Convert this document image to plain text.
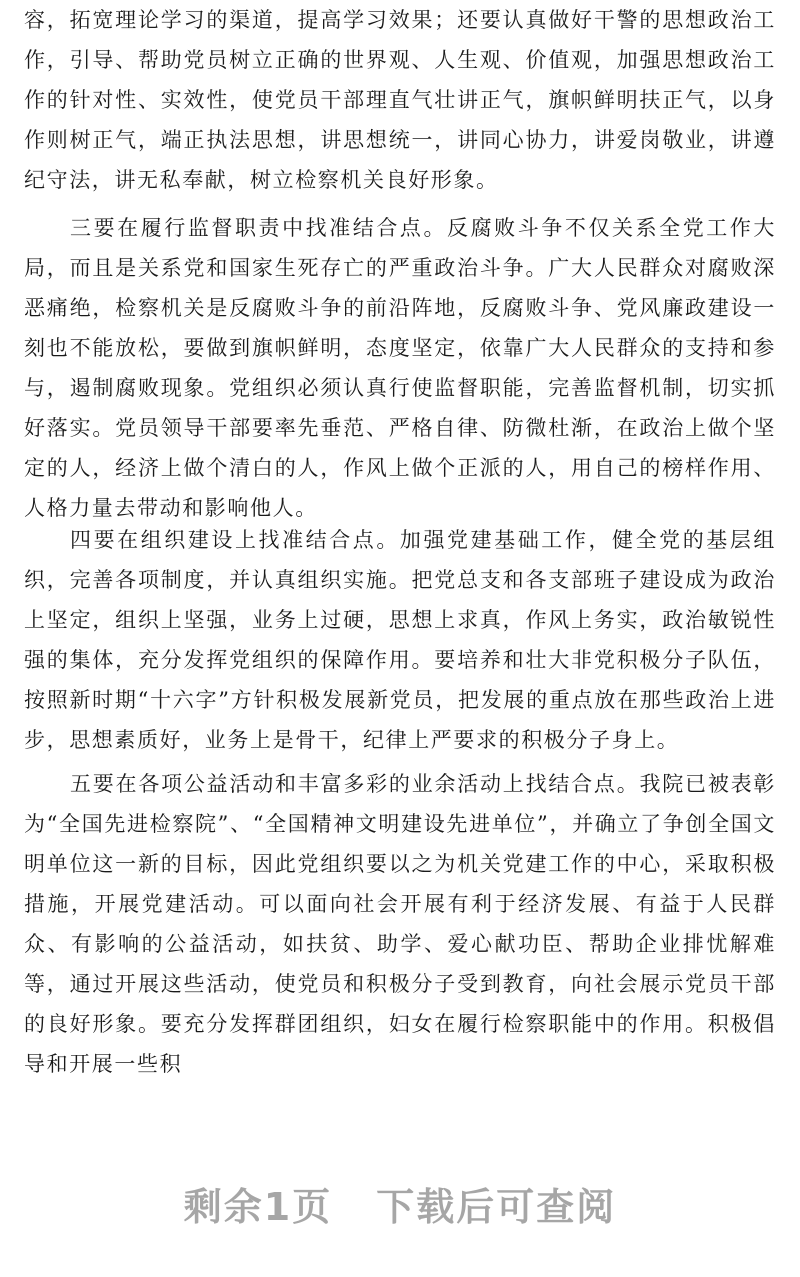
容，拓宽理论学习的渠道，提高学习效果；还要认真做好干警的思想政治工作，引导、帮助党员树立正确的世界观、人生观、价值观，加强思想政治工作的针对性、实效性，使党员干部理直气壮讲正气，旗帜鲜明扶正气，以身作则树正气，端正执法思想，讲思想统一，讲同心协力，讲爱岗敬业，讲遵纪守法，讲无私奉献，树立检察机关良好形象。

三要在履行监督职责中找准结合点。反腐败斗争不仅关系全党工作大局，而且是关系党和国家生死存亡的严重政治斗争。广大人民群众对腐败深恶痛绝，检察机关是反腐败斗争的前沿阵地，反腐败斗争、党风廉政建设一刻也不能放松，要做到旗帜鲜明，态度坚定，依靠广大人民群众的支持和参与，遏制腐败现象。党组织必须认真行使监督职能，完善监督机制，切实抓好落实。党员领导干部要率先垂范、严格自律、防微杜渐，在政治上做个坚定的人，经济上做个清白的人，作风上做个正派的人，用自己的榜样作用、人格力量去带动和影响他人。

四要在组织建设上找准结合点。加强党建基础工作，健全党的基层组织，完善各项制度，并认真组织实施。把党总支和各支部班子建设成为政治上坚定，组织上坚强，业务上过硬，思想上求真，作风上务实，政治敏锐性强的集体，充分发挥党组织的保障作用。要培养和壮大非党积极分子队伍，按照新时期“十六字”方针积极发展新党员，把发展的重点放在那些政治上进步，思想素质好，业务上是骨干，纪律上严要求的积极分子身上。

五要在各项公益活动和丰富多彩的业余活动上找结合点。我院已被表彰为“全国先进检察院”、“全国精神文明建设先进单位”，并确立了争创全国文明单位这一新的目标，因此党组织要以之为机关党建工作的中心，采取积极措施，开展党建活动。可以面向社会开展有利于经济发展、有益于人民群众、有影响的公益活动，如扶贫、助学、爱心献功臣、帮助企业排忧解难等，通过开展这些活动，使党员和积极分子受到教育，向社会展示党员干部的良好形象。要充分发挥群团组织，妇女在履行检察职能中的作用。积极倡导和开展一些积

剩余1页 下载后可查阅
